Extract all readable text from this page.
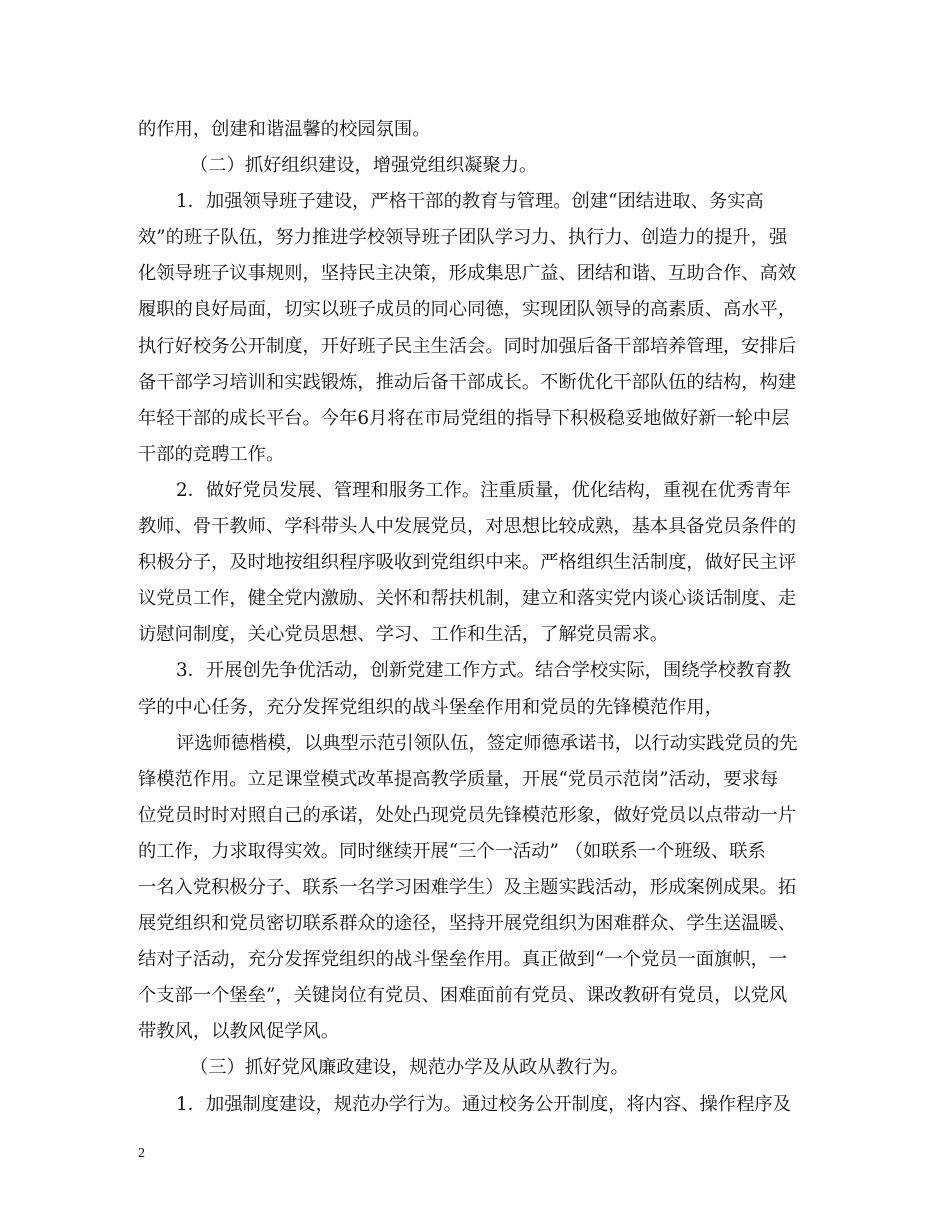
的作用，创建和谐温馨的校园氛围。
（二）抓好组织建设，增强党组织凝聚力。
1．加强领导班子建设，严格干部的教育与管理。创建“团结进取、务实高
效”的班子队伍，努力推进学校领导班子团队学习力、执行力、创造力的提升，强
化领导班子议事规则，坚持民主决策，形成集思广益、团结和谐、互助合作、高效
履职的良好局面，切实以班子成员的同心同德，实现团队领导的高素质、高水平，
执行好校务公开制度，开好班子民主生活会。同时加强后备干部培养管理，安排后
备干部学习培训和实践锻炼，推动后备干部成长。不断优化干部队伍的结构，构建
年轻干部的成长平台。今年6月将在市局党组的指导下积极稳妥地做好新一轮中层
干部的竞聘工作。
2．做好党员发展、管理和服务工作。注重质量，优化结构，重视在优秀青年
教师、骨干教师、学科带头人中发展党员，对思想比较成熟，基本具备党员条件的
积极分子，及时地按组织程序吸收到党组织中来。严格组织生活制度，做好民主评
议党员工作，健全党内激励、关怀和帮扶机制，建立和落实党内谈心谈话制度、走
访慰问制度，关心党员思想、学习、工作和生活，了解党员需求。
3．开展创先争优活动，创新党建工作方式。结合学校实际，围绕学校教育教
学的中心任务，充分发挥党组织的战斗堡垒作用和党员的先锋模范作用，
评选师德楷模，以典型示范引领队伍，签定师德承诺书，以行动实践党员的先
锋模范作用。立足课堂模式改革提高教学质量，开展“党员示范岗”活动，要求每
位党员时时对照自己的承诺，处处凸现党员先锋模范形象，做好党员以点带动一片
的工作，力求取得实效。同时继续开展“三个一活动” （如联系一个班级、联系
一名入党积极分子、联系一名学习困难学生）及主题实践活动，形成案例成果。拓
展党组织和党员密切联系群众的途径，坚持开展党组织为困难群众、学生送温暖、
结对子活动，充分发挥党组织的战斗堡垒作用。真正做到“一个党员一面旗帜，一
个支部一个堡垒”，关键岗位有党员、困难面前有党员、课改教研有党员，以党风
带教风，以教风促学风。
（三）抓好党风廉政建设，规范办学及从政从教行为。
1．加强制度建设，规范办学行为。通过校务公开制度，将内容、操作程序及
2
